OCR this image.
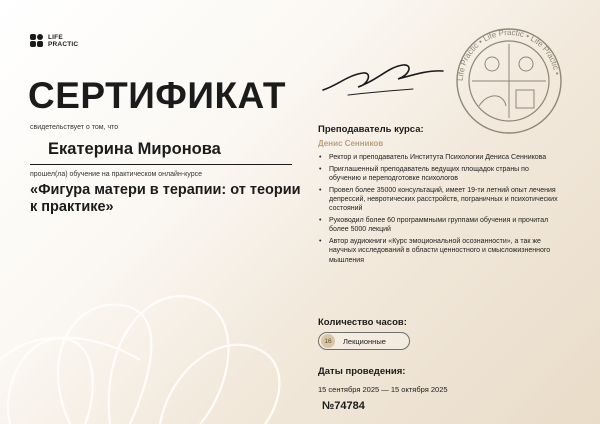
LIFE
PRACTIC
СЕРТИФИКАТ
свидетельствует о том, что
Екатерина Миронова
прошел(ла) обучение на практическом онлайн-курсе
«Фигура матери в терапии: от теории к практике»
Life Practic • Life Practic • Life Practic •
Преподаватель курса:
Денис Сенников
• Ректор и преподаватель Института Психологии Дениса Сенникова
• Приглашенный преподаватель ведущих площадок страны по обучению и переподготовке психологов
• Провел более 35000 консультаций, имеет 19-ти летний опыт лечения депрессий, невротических расстройств, пограничных и психотических состояний
• Руководил более 60 программными группами обучения и прочитал более 5000 лекций
• Автор аудиокниги «Курс эмоциональной осознанности», а так же научных исследований в области ценностного и смысложизненного мышления
Количество часов:
16	Лекционные
Даты проведения:
15 сентября 2025 — 15 октября 2025
№74784
